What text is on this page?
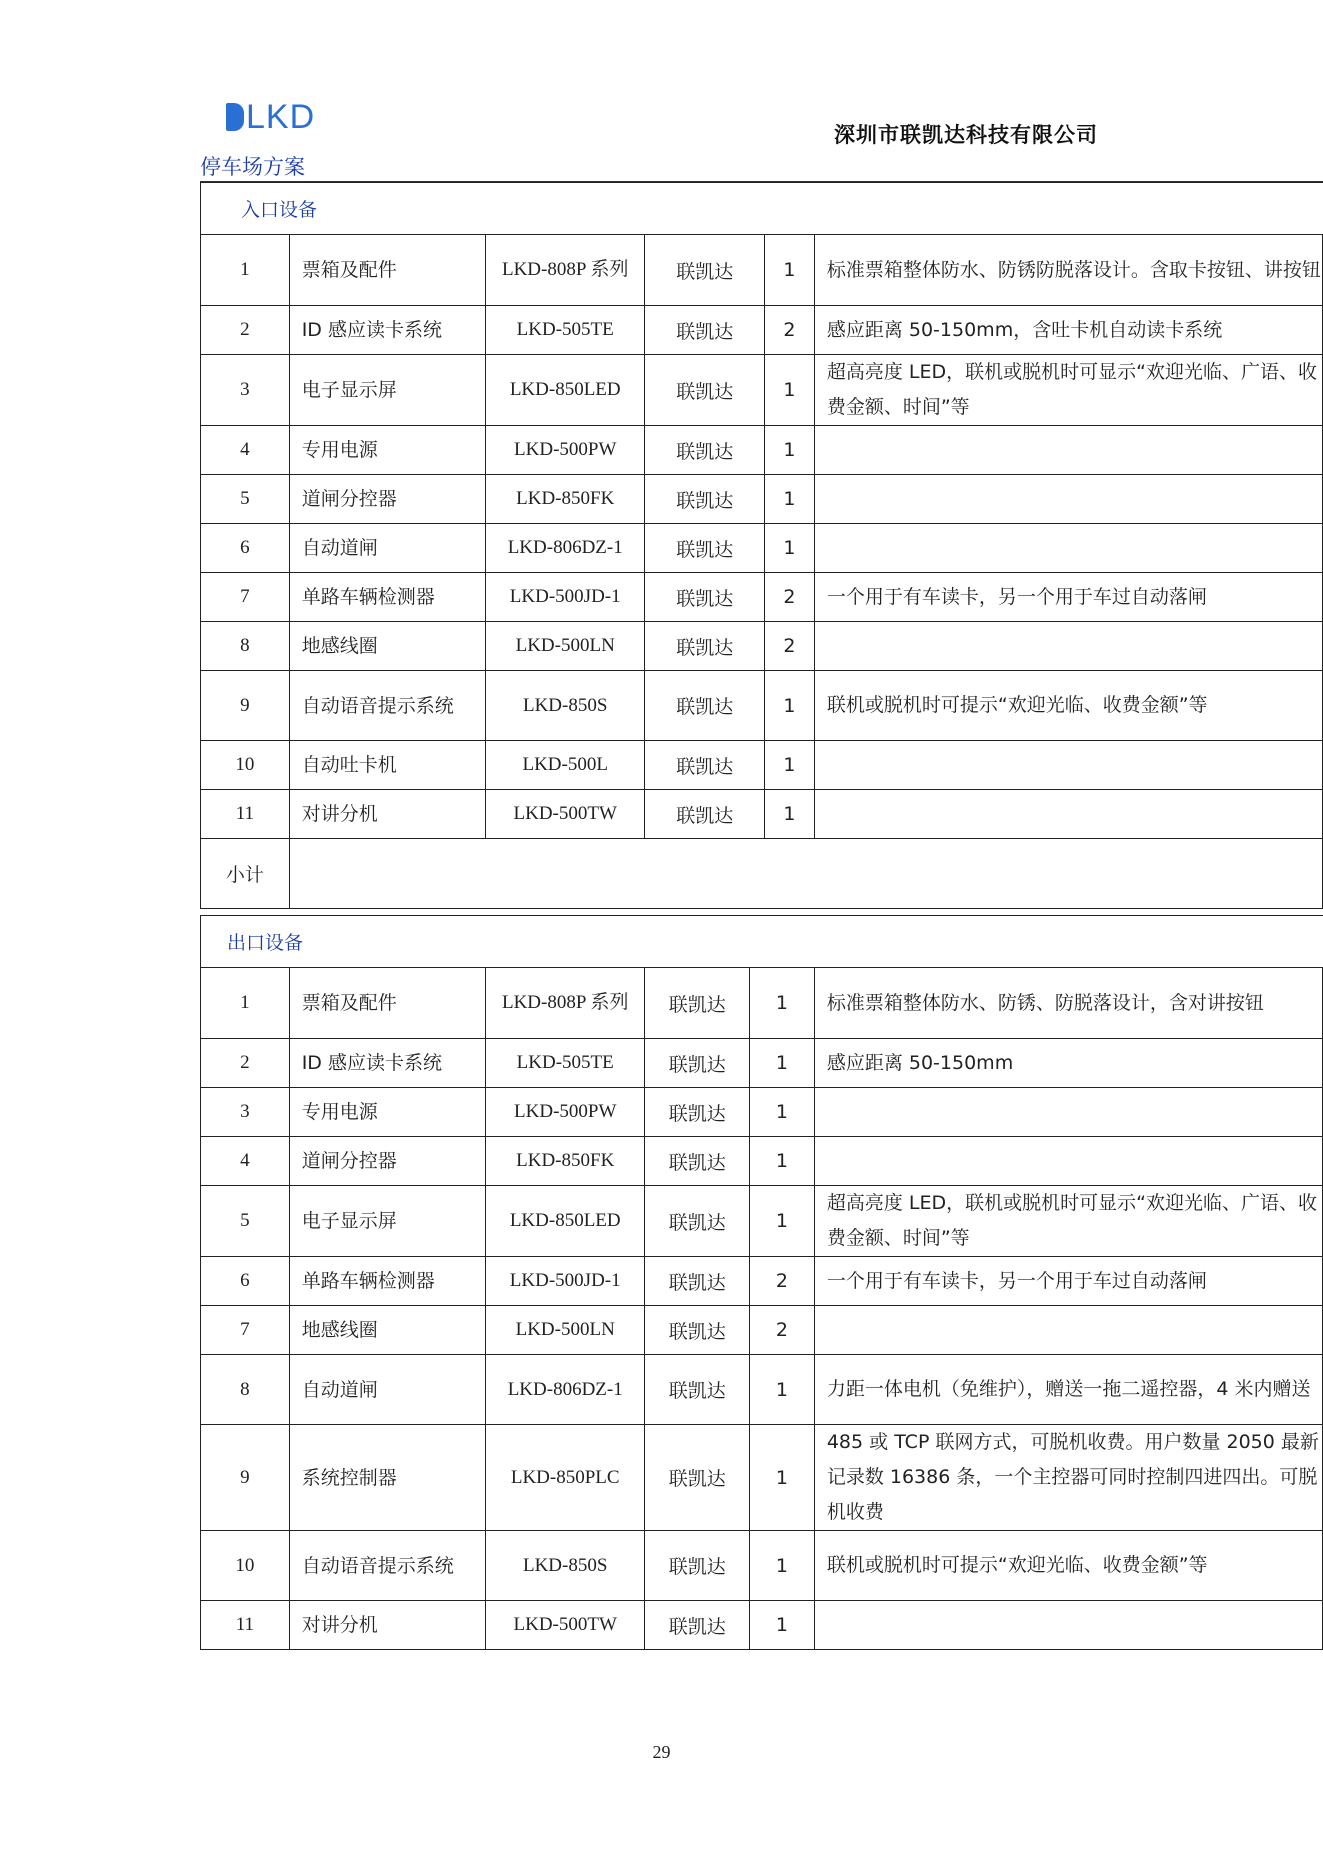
LKD	深圳市联凯达科技有限公司
停车场方案
入口设备					
1	票箱及配件	LKD-808P 系列	联凯达	1	标准票箱整体防水、防锈防脱落设计。含取卡按钮、讲按钮
2	ID 感应读卡系统	LKD-505TE	联凯达	2	感应距离 50-150mm，含吐卡机自动读卡系统
3	电子显示屏	LKD-850LED	联凯达	1	超高亮度 LED，联机或脱机时可显示“欢迎光临、广语、收费金额、时间”等
4	专用电源	LKD-500PW	联凯达	1	
5	道闸分控器	LKD-850FK	联凯达	1	
6	自动道闸	LKD-806DZ-1	联凯达	1	
7	单路车辆检测器	LKD-500JD-1	联凯达	2	一个用于有车读卡，另一个用于车过自动落闸
8	地感线圈	LKD-500LN	联凯达	2	
9	自动语音提示系统	LKD-850S	联凯达	1	联机或脱机时可提示“欢迎光临、收费金额”等
10	自动吐卡机	LKD-500L	联凯达	1	
11	对讲分机	LKD-500TW	联凯达	1	
小计					
出口设备					
1	票箱及配件	LKD-808P 系列	联凯达	1	标准票箱整体防水、防锈、防脱落设计，含对讲按钮
2	ID 感应读卡系统	LKD-505TE	联凯达	1	感应距离 50-150mm
3	专用电源	LKD-500PW	联凯达	1	
4	道闸分控器	LKD-850FK	联凯达	1	
5	电子显示屏	LKD-850LED	联凯达	1	超高亮度 LED，联机或脱机时可显示“欢迎光临、广语、收费金额、时间”等
6	单路车辆检测器	LKD-500JD-1	联凯达	2	一个用于有车读卡，另一个用于车过自动落闸
7	地感线圈	LKD-500LN	联凯达	2	
8	自动道闸	LKD-806DZ-1	联凯达	1	力距一体电机（免维护），赠送一拖二遥控器，4 米内赠送
9	系统控制器	LKD-850PLC	联凯达	1	485 或 TCP 联网方式，可脱机收费。用户数量 2050 最新记录数 16386 条，一个主控器可同时控制四进四出。可脱机收费
10	自动语音提示系统	LKD-850S	联凯达	1	联机或脱机时可提示“欢迎光临、收费金额”等
11	对讲分机	LKD-500TW	联凯达	1	
29
